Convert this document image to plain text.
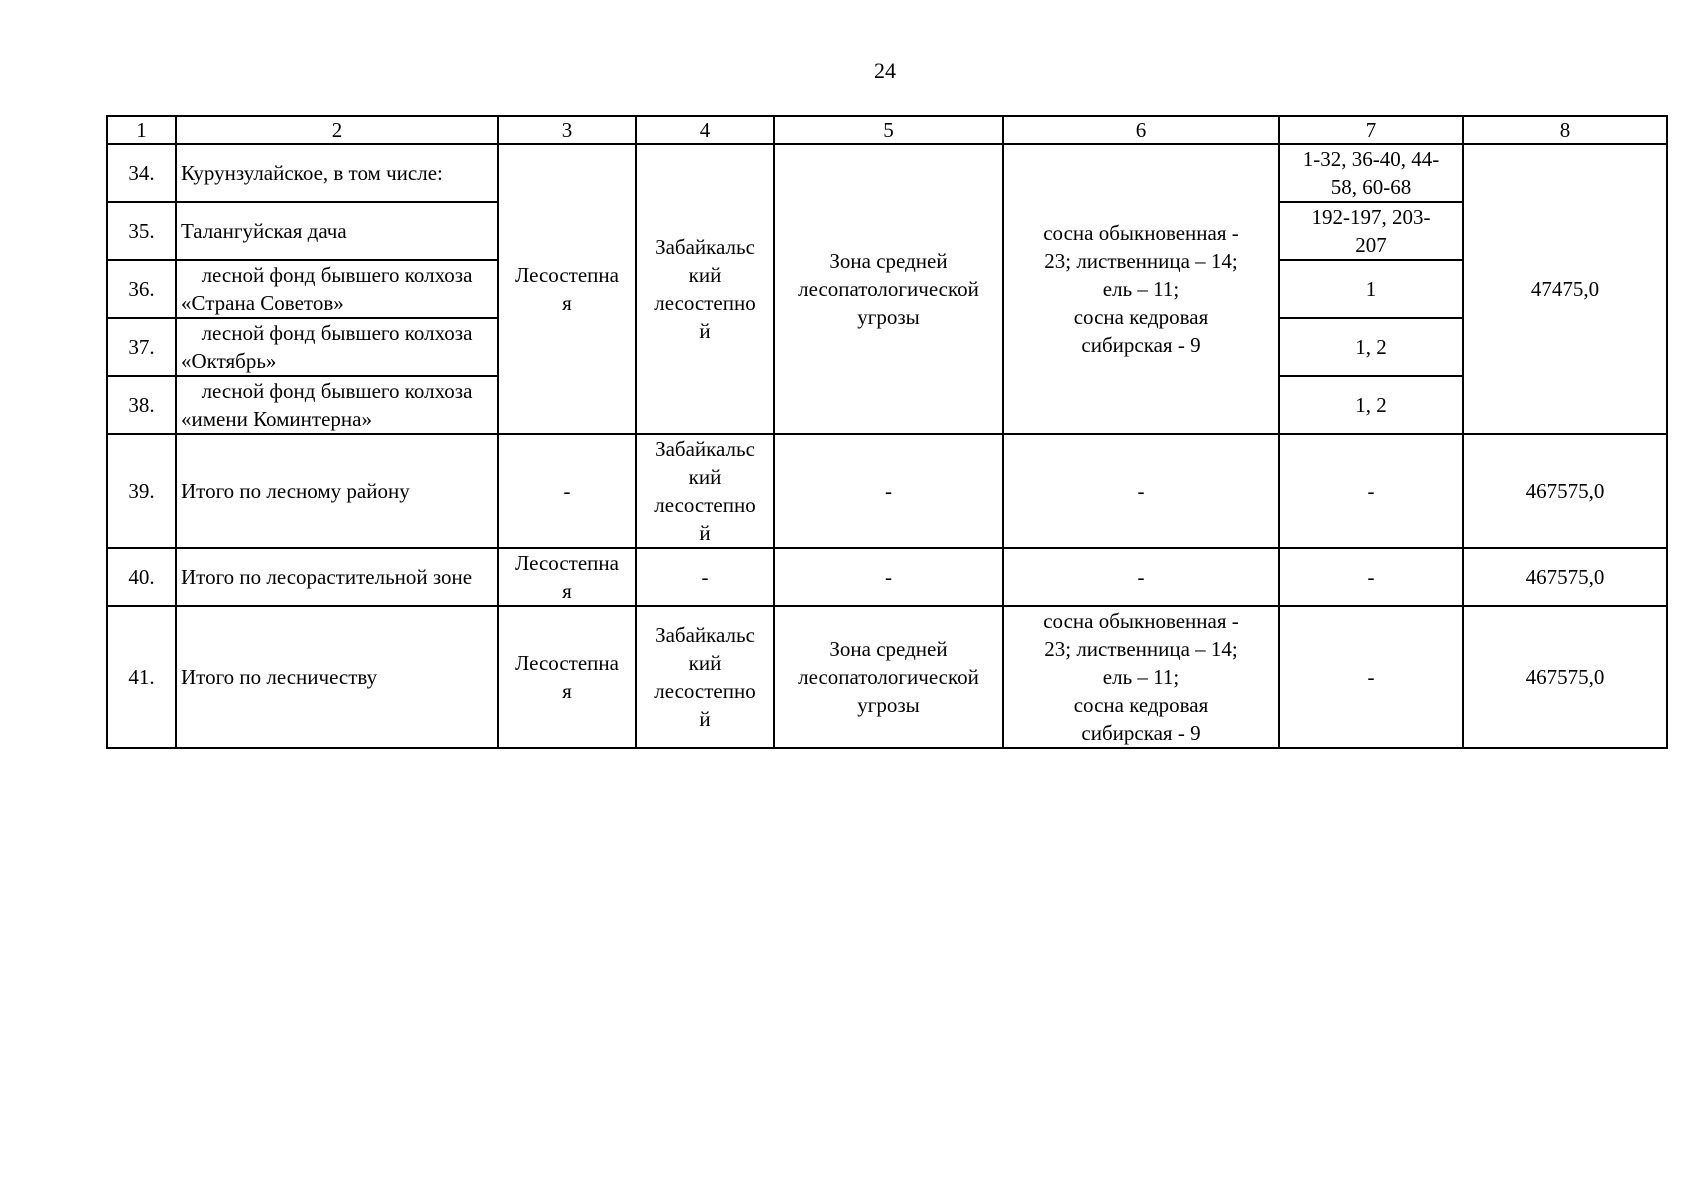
24
1	2	3	4	5	6	7	8
34.	Курунзулайское, в том числе:	Лесостепна
я	Забайкальс
кий
лесостепно
й	Зона средней
лесопатологической
угрозы	сосна обыкновенная -
23; лиственница – 14;
ель – 11;
сосна кедровая
сибирская - 9	1-32, 36-40, 44-
58, 60-68	47475,0
35.	Талангуйская дача					192-197, 203-
207	
36.	лесной фонд бывшего колхоза «Страна Советов»					1	
37.	лесной фонд бывшего колхоза «Октябрь»					1, 2	
38.	лесной фонд бывшего колхоза «имени Коминтерна»					1, 2	
39.	Итого по лесному району	-	Забайкальс
кий
лесостепно
й	-	-	-	467575,0
40.	Итого по лесорастительной зоне	Лесостепна
я	-	-	-	-	467575,0
41.	Итого по лесничеству	Лесостепна
я	Забайкальс
кий
лесостепно
й	Зона средней
лесопатологической
угрозы	сосна обыкновенная -
23; лиственница – 14;
ель – 11;
сосна кедровая
сибирская - 9	-	467575,0
